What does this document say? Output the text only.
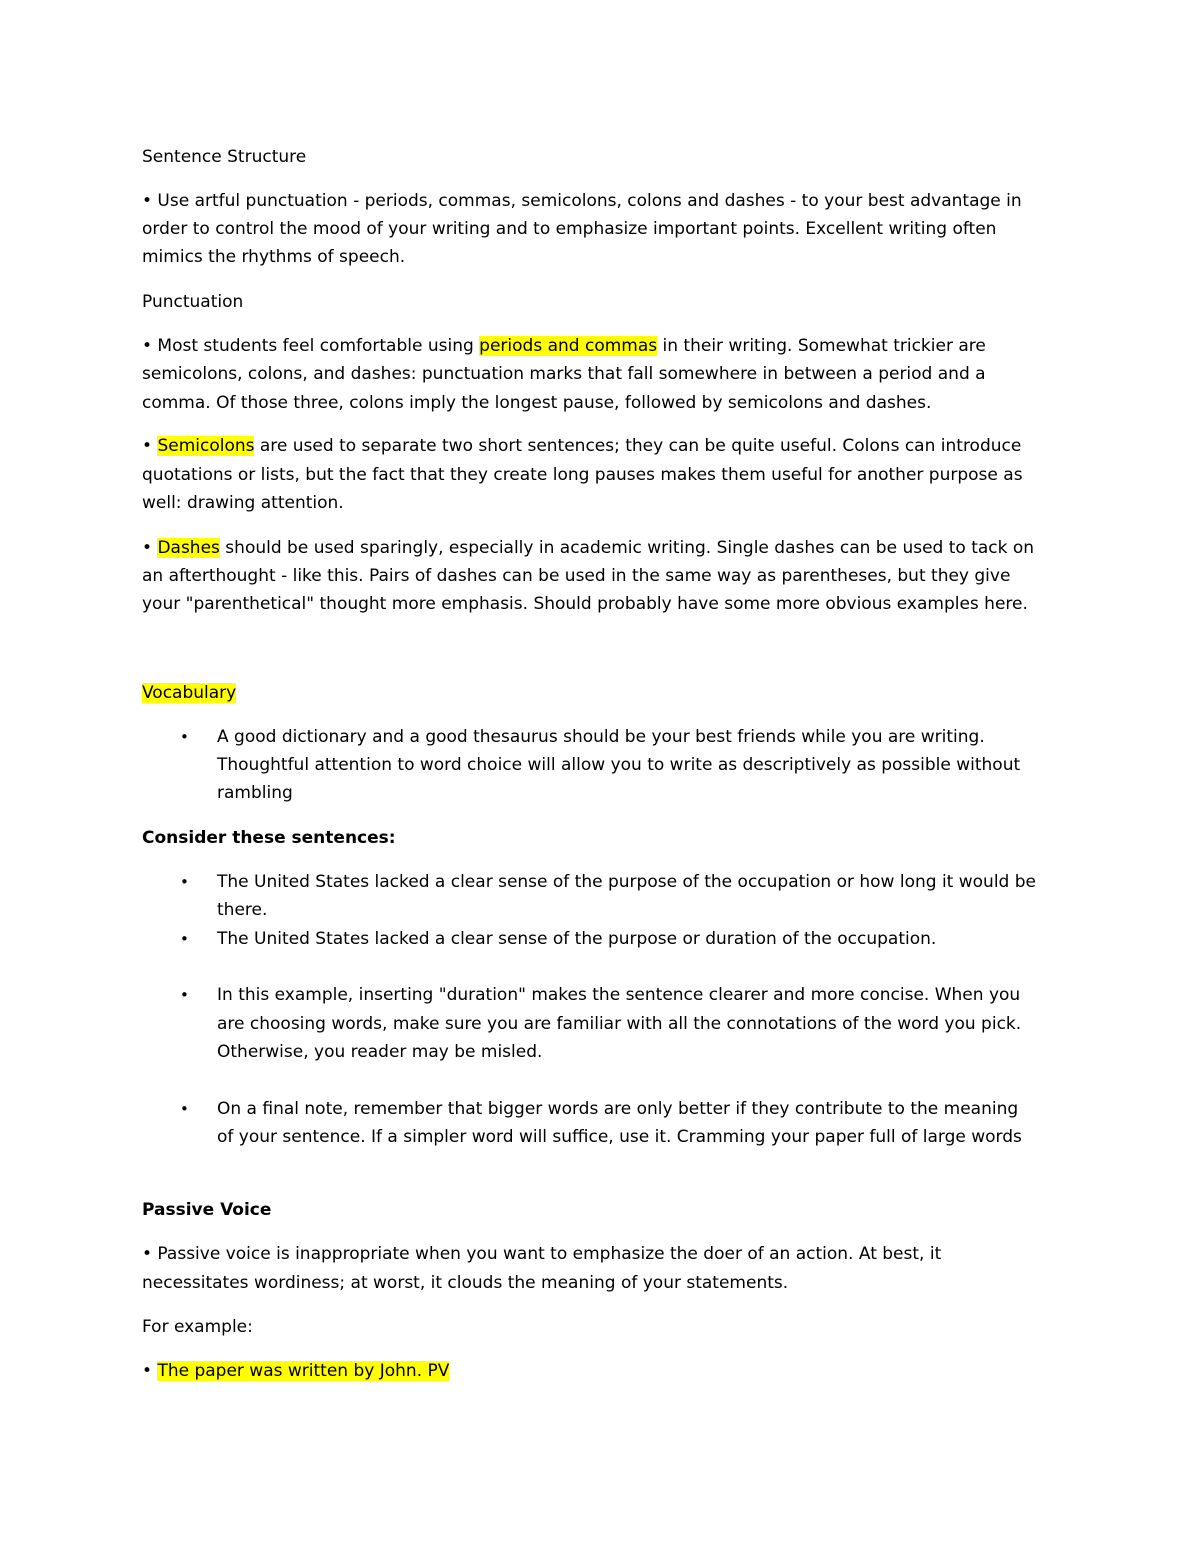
Sentence Structure
• Use artful punctuation - periods, commas, semicolons, colons and dashes - to your best advantage in
order to control the mood of your writing and to emphasize important points. Excellent writing often
mimics the rhythms of speech.
Punctuation
• Most students feel comfortable using periods and commas in their writing. Somewhat trickier are
semicolons, colons, and dashes: punctuation marks that fall somewhere in between a period and a
comma. Of those three, colons imply the longest pause, followed by semicolons and dashes.
• Semicolons are used to separate two short sentences; they can be quite useful. Colons can introduce
quotations or lists, but the fact that they create long pauses makes them useful for another purpose as
well: drawing attention.
• Dashes should be used sparingly, especially in academic writing. Single dashes can be used to tack on
an afterthought - like this. Pairs of dashes can be used in the same way as parentheses, but they give
your "parenthetical" thought more emphasis. Should probably have some more obvious examples here.
Vocabulary
• A good dictionary and a good thesaurus should be your best friends while you are writing.
Thoughtful attention to word choice will allow you to write as descriptively as possible without
rambling
Consider these sentences:
• The United States lacked a clear sense of the purpose of the occupation or how long it would be
there.
• The United States lacked a clear sense of the purpose or duration of the occupation.
• In this example, inserting "duration" makes the sentence clearer and more concise. When you
are choosing words, make sure you are familiar with all the connotations of the word you pick.
Otherwise, you reader may be misled.
• On a final note, remember that bigger words are only better if they contribute to the meaning
of your sentence. If a simpler word will suffice, use it. Cramming your paper full of large words
Passive Voice
• Passive voice is inappropriate when you want to emphasize the doer of an action. At best, it
necessitates wordiness; at worst, it clouds the meaning of your statements.
For example:
• The paper was written by John. PV
